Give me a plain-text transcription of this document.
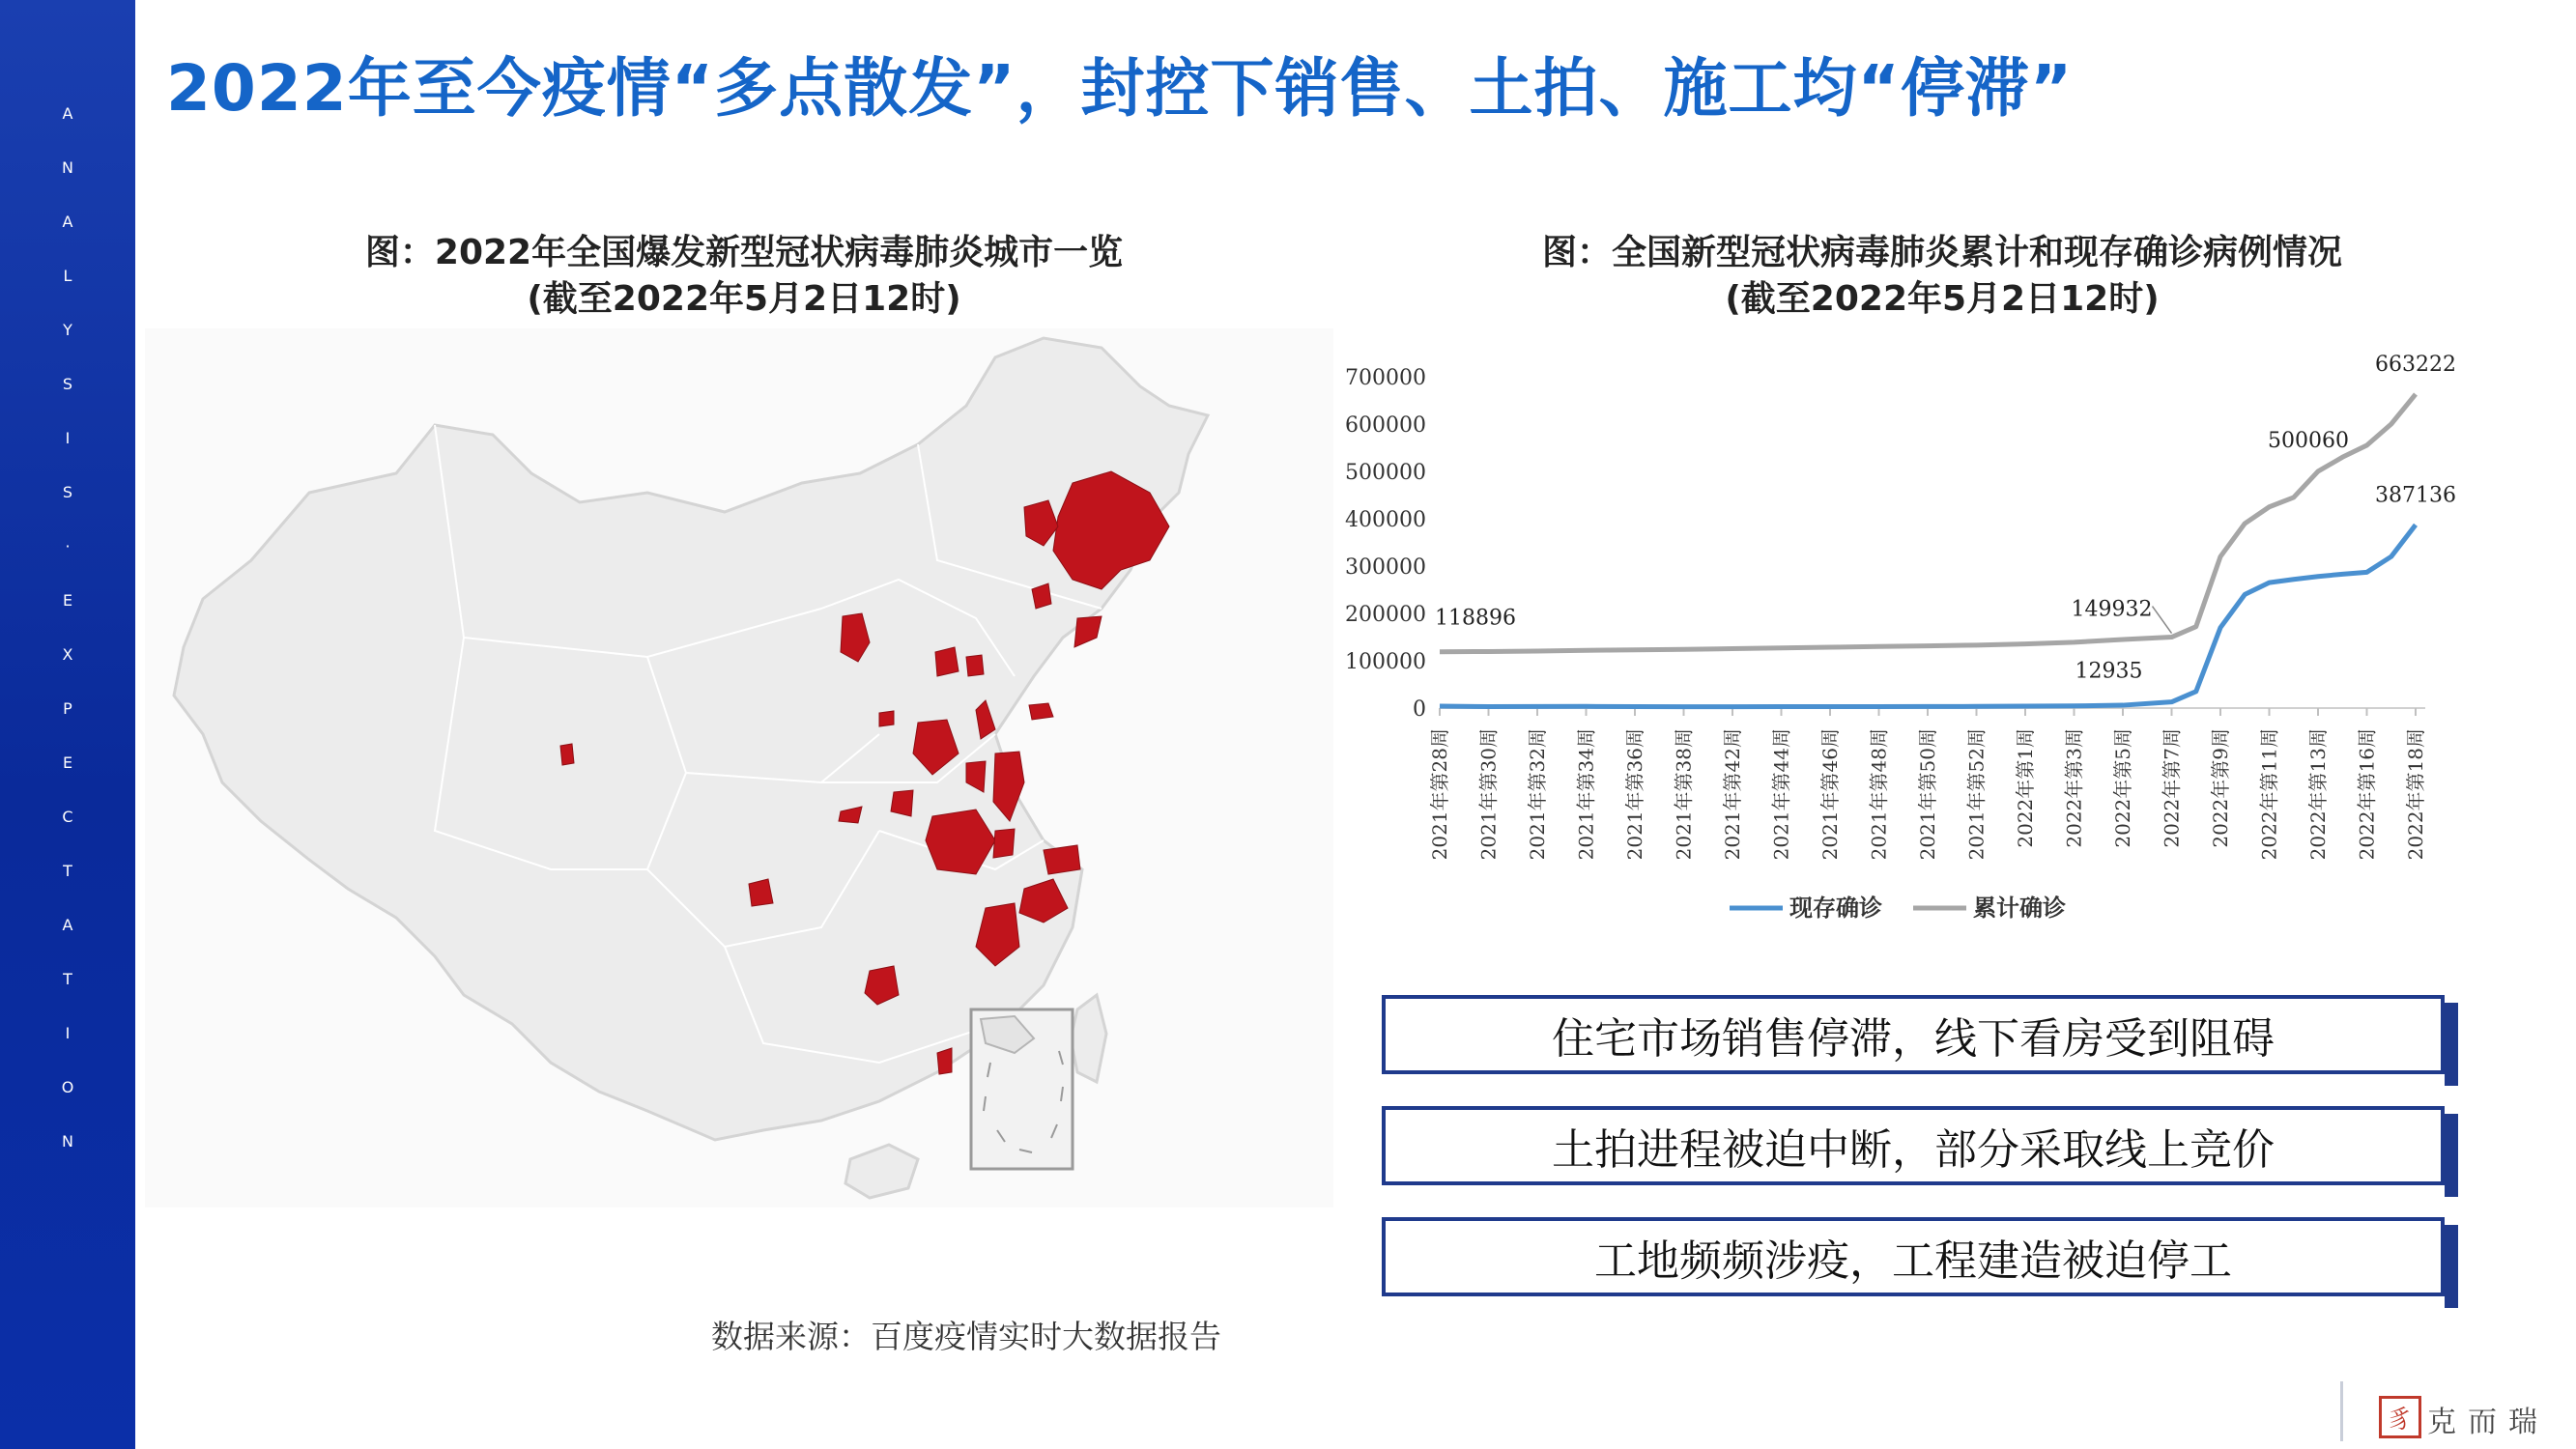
A
N
A
L
Y
S
I
S
·
E
X
P
E
C
T
A
T
I
O
N
2022年至今疫情“多点散发”，封控下销售、土拍、施工均“停滞”
图：2022年全国爆发新型冠状病毒肺炎城市一览
(截至2022年5月2日12时)
数据来源：百度疫情实时大数据报告
图：全国新型冠状病毒肺炎累计和现存确诊病例情况
(截至2022年5月2日12时)
0
100000
200000
300000
400000
500000
600000
700000
2021年第28周 2021年第30周 2021年第32周 2021年第34周 2021年第36周 2021年第38周 2021年第42周 2021年第44周 2021年第46周 2021年第48周 2021年第50周 2021年第52周 2022年第1周 2022年第3周 2022年第5周 2022年第7周 2022年第9周 2022年第11周 2022年第13周 2022年第16周 2022年第18周
118896	149932
12935
500060
663222
387136
现存确诊	累计确诊
住宅市场销售停滞，线下看房受到阻碍
土拍进程被迫中断，部分采取线上竞价
工地频频涉疫，工程建造被迫停工
豸 克而瑞
